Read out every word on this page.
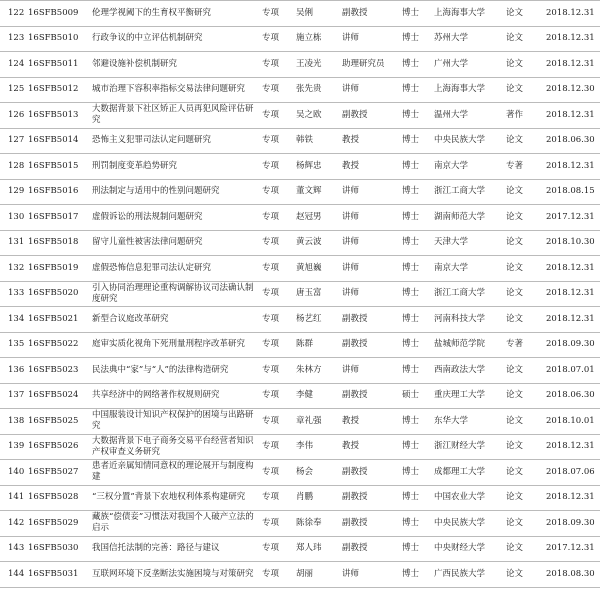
122	16SFB5009	伦理学视阈下的生育权平衡研究	专项	吴俐	副教授	博士	上海海事大学	论文	2018.12.31
123	16SFB5010	行政争议的中立评估机制研究	专项	施立栋	讲师	博士	苏州大学	论文	2018.12.31
124	16SFB5011	邻避设施补偿机制研究	专项	王凌光	助理研究员	博士	广州大学	论文	2018.12.31
125	16SFB5012	城市治理下容积率指标交易法律问题研究	专项	张先贵	讲师	博士	上海海事大学	论文	2018.12.30
126	16SFB5013	大数据背景下社区矫正人员再犯风险评估研究	专项	吴之欧	副教授	博士	温州大学	著作	2018.12.31
127	16SFB5014	恐怖主义犯罪司法认定问题研究	专项	韩铁	教授	博士	中央民族大学	论文	2018.06.30
128	16SFB5015	刑罚制度变革趋势研究	专项	杨辉忠	教授	博士	南京大学	专著	2018.12.31
129	16SFB5016	刑法制定与适用中的性别问题研究	专项	董文辉	讲师	博士	浙江工商大学	论文	2018.08.15
130	16SFB5017	虚假诉讼的刑法规制问题研究	专项	赵冠男	讲师	博士	湖南师范大学	论文	2017.12.31
131	16SFB5018	留守儿童性被害法律问题研究	专项	黄云波	讲师	博士	天津大学	论文	2018.10.30
132	16SFB5019	虚假恐怖信息犯罪司法认定研究	专项	黄旭巍	讲师	博士	南京大学	论文	2018.12.31
133	16SFB5020	引入协同治理理论重构调解协议司法确认制度研究	专项	唐玉富	讲师	博士	浙江工商大学	论文	2018.12.31
134	16SFB5021	新型合议庭改革研究	专项	杨艺红	副教授	博士	河南科技大学	论文	2018.12.31
135	16SFB5022	庭审实质化视角下死刑量刑程序改革研究	专项	陈群	副教授	博士	盐城师范学院	专著	2018.09.30
136	16SFB5023	民法典中“家”与“人”的法律构造研究	专项	朱林方	讲师	博士	西南政法大学	论文	2018.07.01
137	16SFB5024	共享经济中的网络著作权规则研究	专项	李健	副教授	硕士	重庆理工大学	论文	2018.06.30
138	16SFB5025	中国服装设计知识产权保护的困境与出路研究	专项	章礼强	教授	博士	东华大学	论文	2018.10.01
139	16SFB5026	大数据背景下电子商务交易平台经营者知识产权审查义务研究	专项	李伟	教授	博士	浙江财经大学	论文	2018.12.31
140	16SFB5027	患者近亲属知情同意权的理论展开与制度构建	专项	杨会	副教授	博士	成都理工大学	论文	2018.07.06
141	16SFB5028	“三权分置”背景下农地权利体系构建研究	专项	肖鹏	副教授	博士	中国农业大学	论文	2018.12.31
142	16SFB5029	藏族“偿债妾”习惯法对我国个人破产立法的启示	专项	陈徐奉	副教授	博士	中央民族大学	论文	2018.09.30
143	16SFB5030	我国信托法制的完善：路径与建议	专项	郑人玮	副教授	博士	中央财经大学	论文	2017.12.31
144	16SFB5031	互联网环境下反垄断法实施困境与对策研究	专项	胡丽	讲师	博士	广西民族大学	论文	2018.08.30
